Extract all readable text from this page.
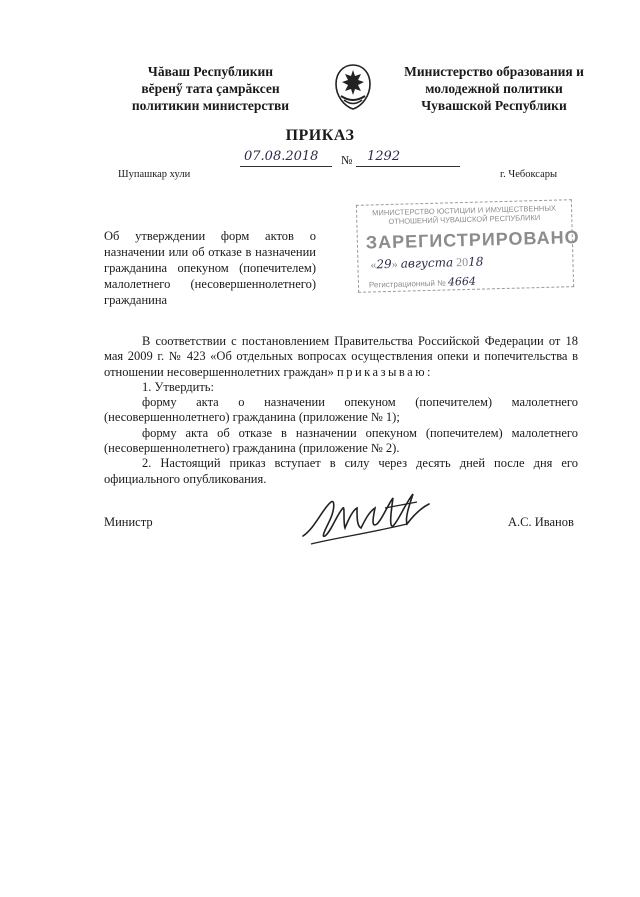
Чăваш Республикин
вĕренӳ тата çамрăксен
политикин министерстви
Министерство образования и
молодежной политики
Чувашской Республики
ПРИКАЗ
07.08.2018 № 1292
Шупашкар хули	г. Чебоксары
Об утверждении форм актов о назначении или об отказе в назначении гражданина опекуном (попечителем) малолетнего (несовершеннолетнего) гражданина
МИНИСТЕРСТВО ЮСТИЦИИ И ИМУЩЕСТВЕННЫХ ОТНОШЕНИЙ ЧУВАШСКОЙ РЕСПУБЛИКИ
ЗАРЕГИСТРИРОВАНО
«29» августа 2018
Регистрационный № 4664

В соответствии с постановлением Правительства Российской Федерации от 18 мая 2009 г. № 423 «Об отдельных вопросах осуществления опеки и попечительства в отношении несовершеннолетних граждан» приказываю:

1. Утвердить:

форму акта о назначении опекуном (попечителем) малолетнего (несовершеннолетнего) гражданина (приложение № 1);

форму акта об отказе в назначении опекуном (попечителем) малолетнего (несовершеннолетнего) гражданина (приложение № 2).

2. Настоящий приказ вступает в силу через десять дней после дня его официального опубликования.

Министр	А.С. Иванов
